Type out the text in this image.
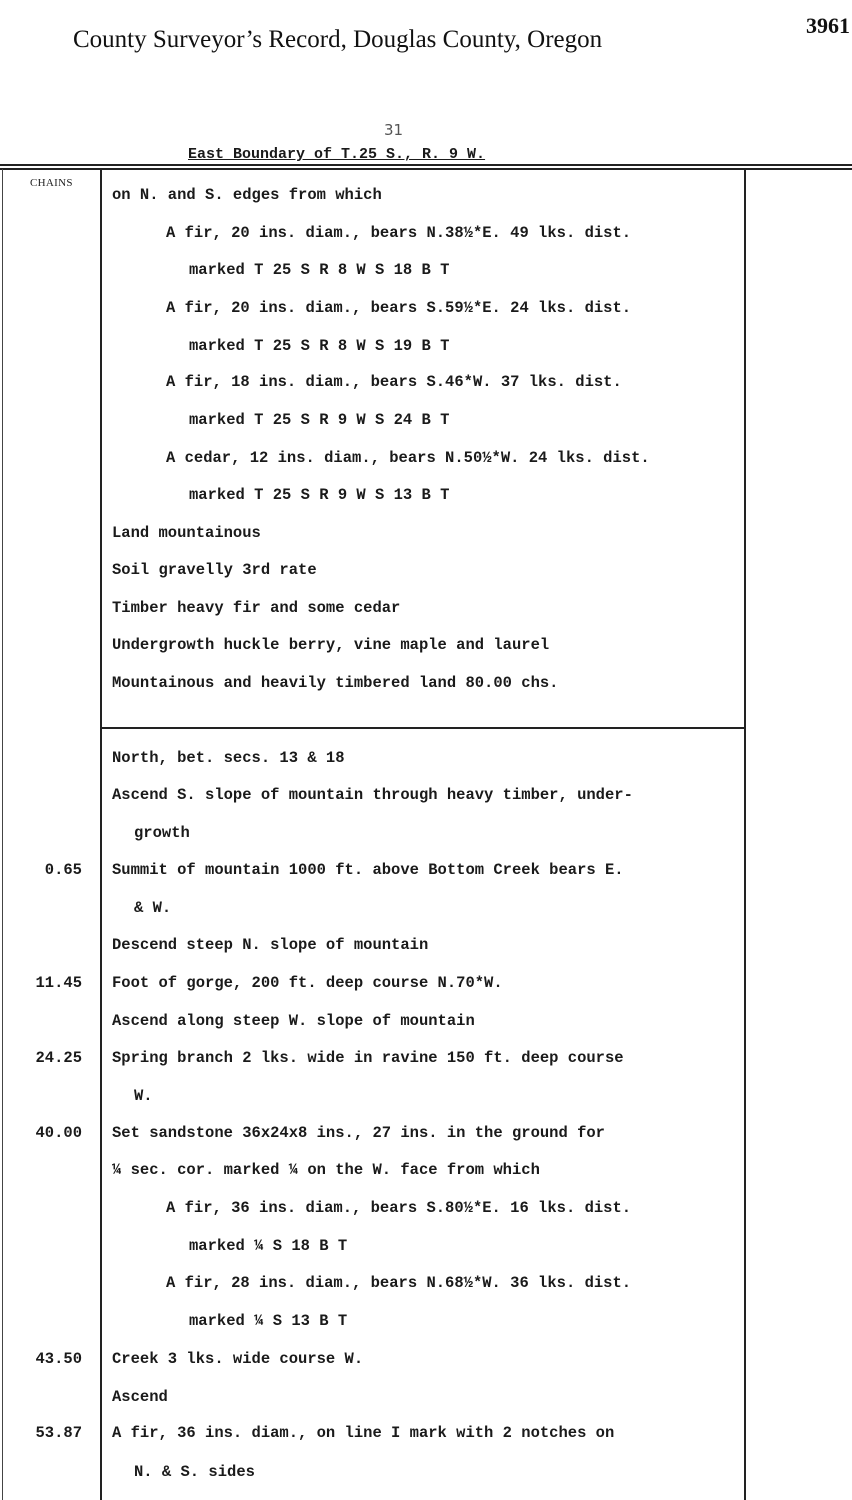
County Surveyor’s Record, Douglas County, Oregon
3961
31
East Boundary of T.25 S., R. 9 W.
CHAINS
on N. and S. edges from which
A fir, 20 ins. diam., bears N.38½*E. 49 lks. dist.
marked T 25 S R 8 W S 18 B T
A fir, 20 ins. diam., bears S.59½*E. 24 lks. dist.
marked T 25 S R 8 W S 19 B T
A fir, 18 ins. diam., bears S.46*W. 37 lks. dist.
marked T 25 S R 9 W S 24 B T
A cedar, 12 ins. diam., bears N.50½*W. 24 lks. dist.
marked T 25 S R 9 W S 13 B T
Land mountainous
Soil gravelly 3rd rate
Timber heavy fir and some cedar
Undergrowth huckle berry, vine maple and laurel
Mountainous and heavily timbered land 80.00 chs.
North, bet. secs. 13 & 18
Ascend S. slope of mountain through heavy timber, under-
growth
0.65 Summit of mountain 1000 ft. above Bottom Creek bears E.
& W.
Descend steep N. slope of mountain
11.45 Foot of gorge, 200 ft. deep course N.70*W.
Ascend along steep W. slope of mountain
24.25 Spring branch 2 lks. wide in ravine 150 ft. deep course
W.
40.00 Set sandstone 36x24x8 ins., 27 ins. in the ground for
¼ sec. cor. marked ¼ on the W. face from which
A fir, 36 ins. diam., bears S.80½*E. 16 lks. dist.
marked ¼ S 18 B T
A fir, 28 ins. diam., bears N.68½*W. 36 lks. dist.
marked ¼ S 13 B T
43.50 Creek 3 lks. wide course W.
Ascend
53.87 A fir, 36 ins. diam., on line I mark with 2 notches on
N. & S. sides
